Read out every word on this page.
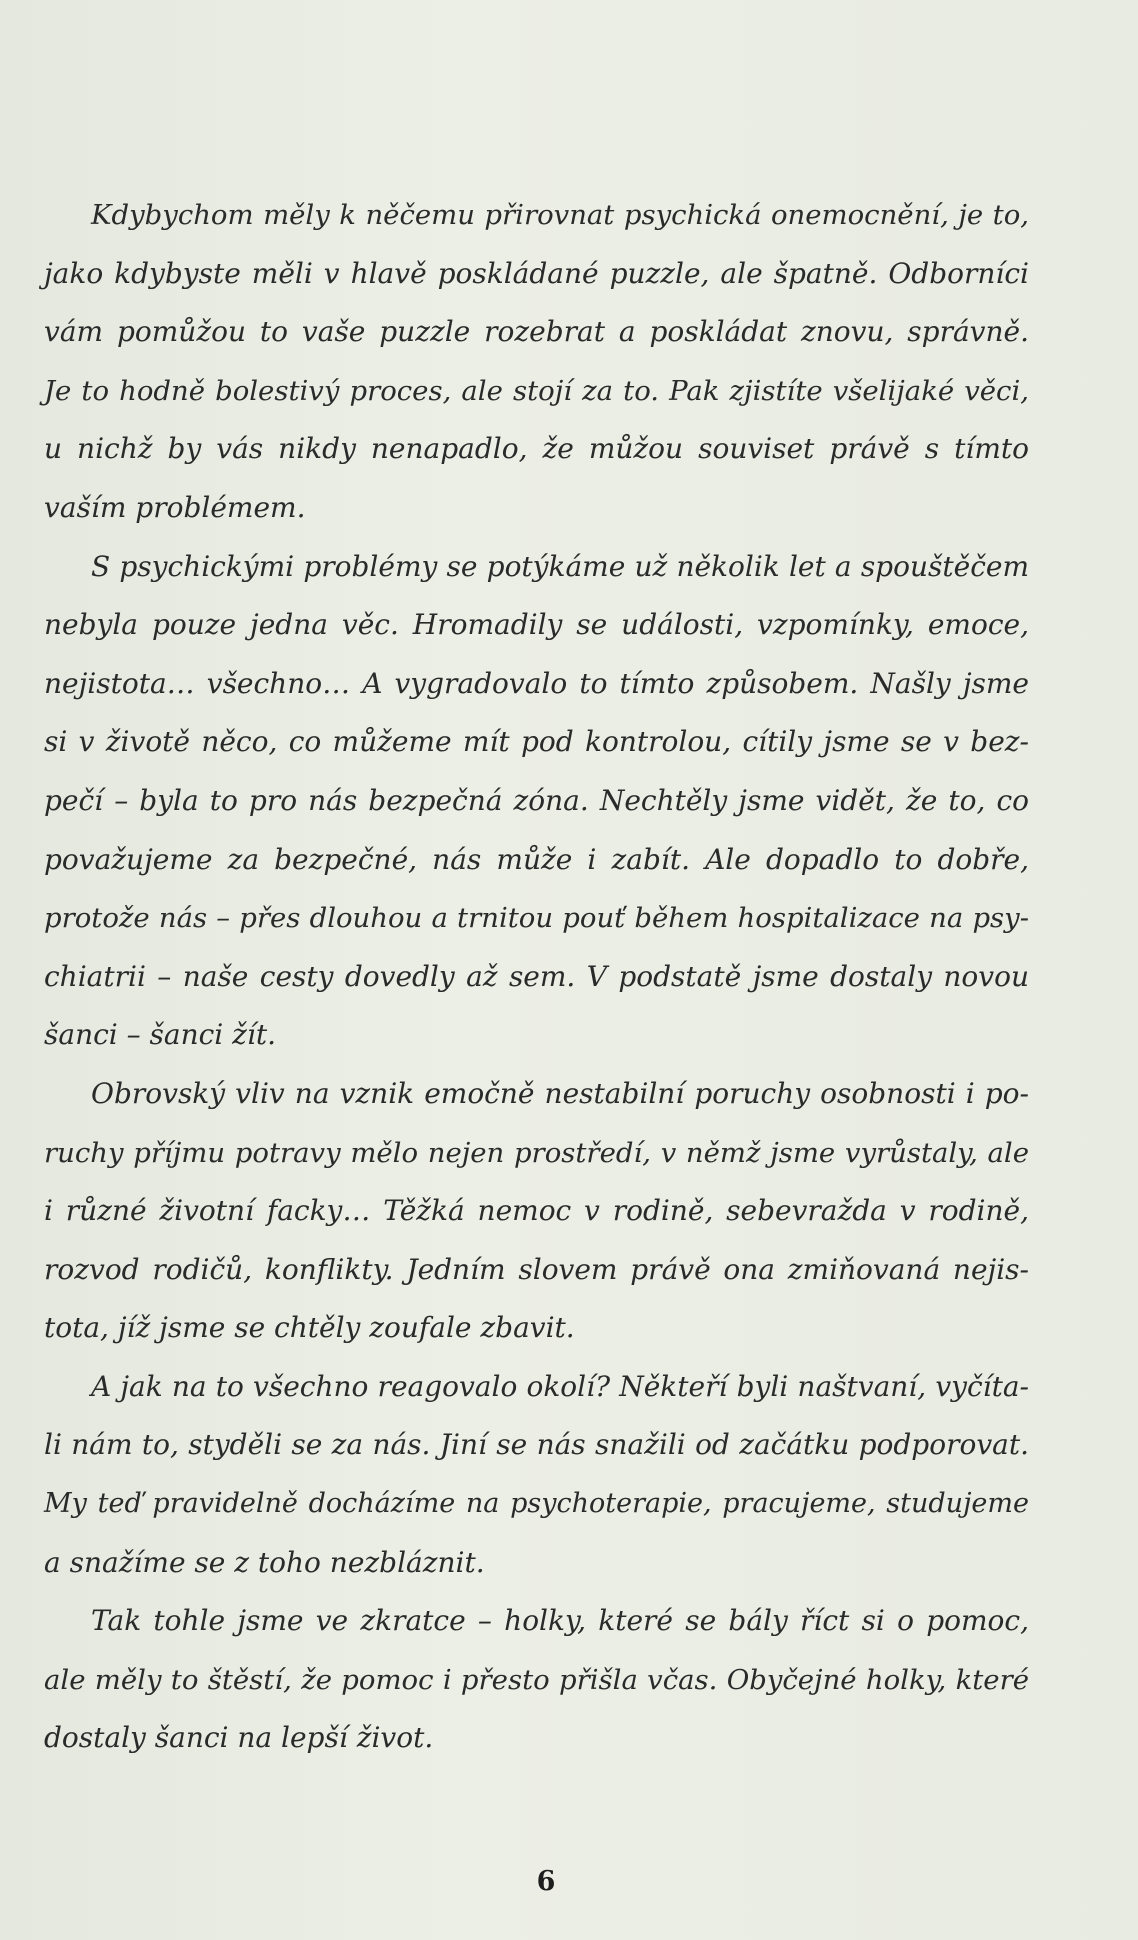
Kdybychom měly k něčemu přirovnat psychická onemocnění, je to,
jako kdybyste měli v hlavě poskládané puzzle, ale špatně. Odborníci
vám pomůžou to vaše puzzle rozebrat a poskládat znovu, správně.
Je to hodně bolestivý proces, ale stojí za to. Pak zjistíte všelijaké věci,
u nichž by vás nikdy nenapadlo, že můžou souviset právě s tímto
vaším problémem.

S psychickými problémy se potýkáme už několik let a spouštěčem
nebyla pouze jedna věc. Hromadily se události, vzpomínky, emoce,
nejistota… všechno… A vygradovalo to tímto způsobem. Našly jsme
si v životě něco, co můžeme mít pod kontrolou, cítily jsme se v bez-
pečí – byla to pro nás bezpečná zóna. Nechtěly jsme vidět, že to, co
považujeme za bezpečné, nás může i zabít. Ale dopadlo to dobře,
protože nás – přes dlouhou a trnitou pouť během hospitalizace na psy-
chiatrii – naše cesty dovedly až sem. V podstatě jsme dostaly novou
šanci – šanci žít.

Obrovský vliv na vznik emočně nestabilní poruchy osobnosti i po-
ruchy příjmu potravy mělo nejen prostředí, v němž jsme vyrůstaly, ale
i různé životní facky… Těžká nemoc v rodině, sebevražda v rodině,
rozvod rodičů, konflikty. Jedním slovem právě ona zmiňovaná nejis-
tota, jíž jsme se chtěly zoufale zbavit.

A jak na to všechno reagovalo okolí? Někteří byli naštvaní, vyčíta-
li nám to, styděli se za nás. Jiní se nás snažili od začátku podporovat.
My teď pravidelně docházíme na psychoterapie, pracujeme, studujeme
a snažíme se z toho nezbláznit.

Tak tohle jsme ve zkratce – holky, které se bály říct si o pomoc,
ale měly to štěstí, že pomoc i přesto přišla včas. Obyčejné holky, které
dostaly šanci na lepší život.

6
